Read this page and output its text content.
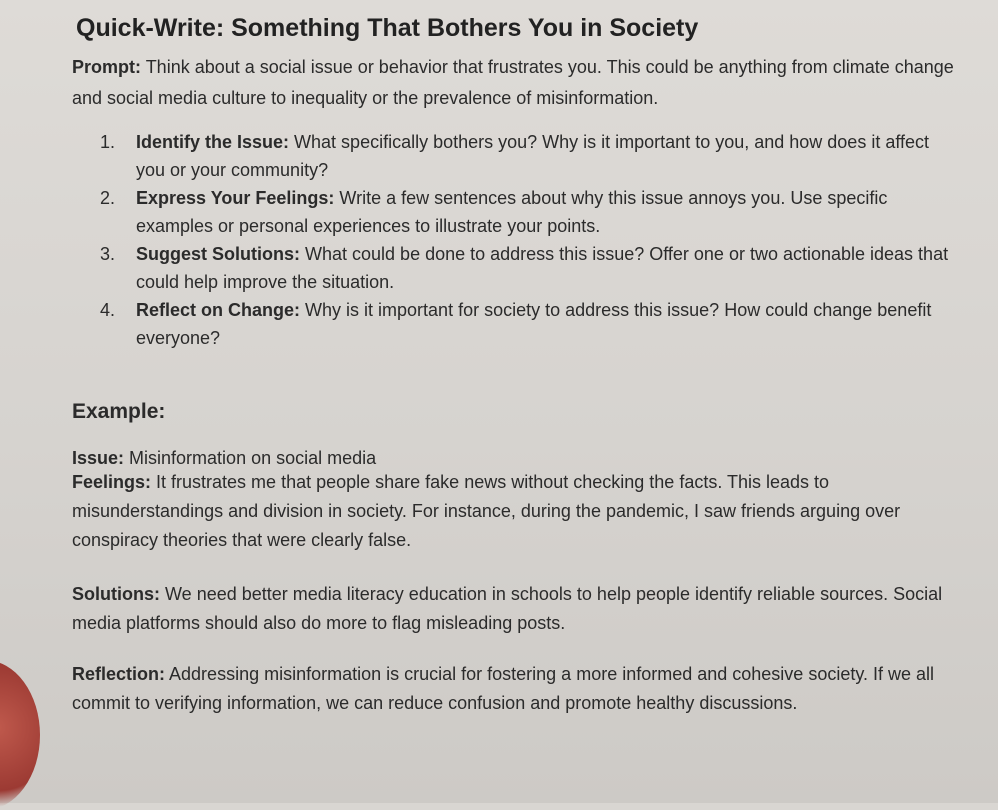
Quick-Write: Something That Bothers You in Society
Prompt: Think about a social issue or behavior that frustrates you. This could be anything from climate change and social media culture to inequality or the prevalence of misinformation.
1. Identify the Issue: What specifically bothers you? Why is it important to you, and how does it affect you or your community?
2. Express Your Feelings: Write a few sentences about why this issue annoys you. Use specific examples or personal experiences to illustrate your points.
3. Suggest Solutions: What could be done to address this issue? Offer one or two actionable ideas that could help improve the situation.
4. Reflect on Change: Why is it important for society to address this issue? How could change benefit everyone?
Example:
Issue: Misinformation on social media
Feelings: It frustrates me that people share fake news without checking the facts. This leads to misunderstandings and division in society. For instance, during the pandemic, I saw friends arguing over conspiracy theories that were clearly false.
Solutions: We need better media literacy education in schools to help people identify reliable sources. Social media platforms should also do more to flag misleading posts.
Reflection: Addressing misinformation is crucial for fostering a more informed and cohesive society. If we all commit to verifying information, we can reduce confusion and promote healthy discussions.
